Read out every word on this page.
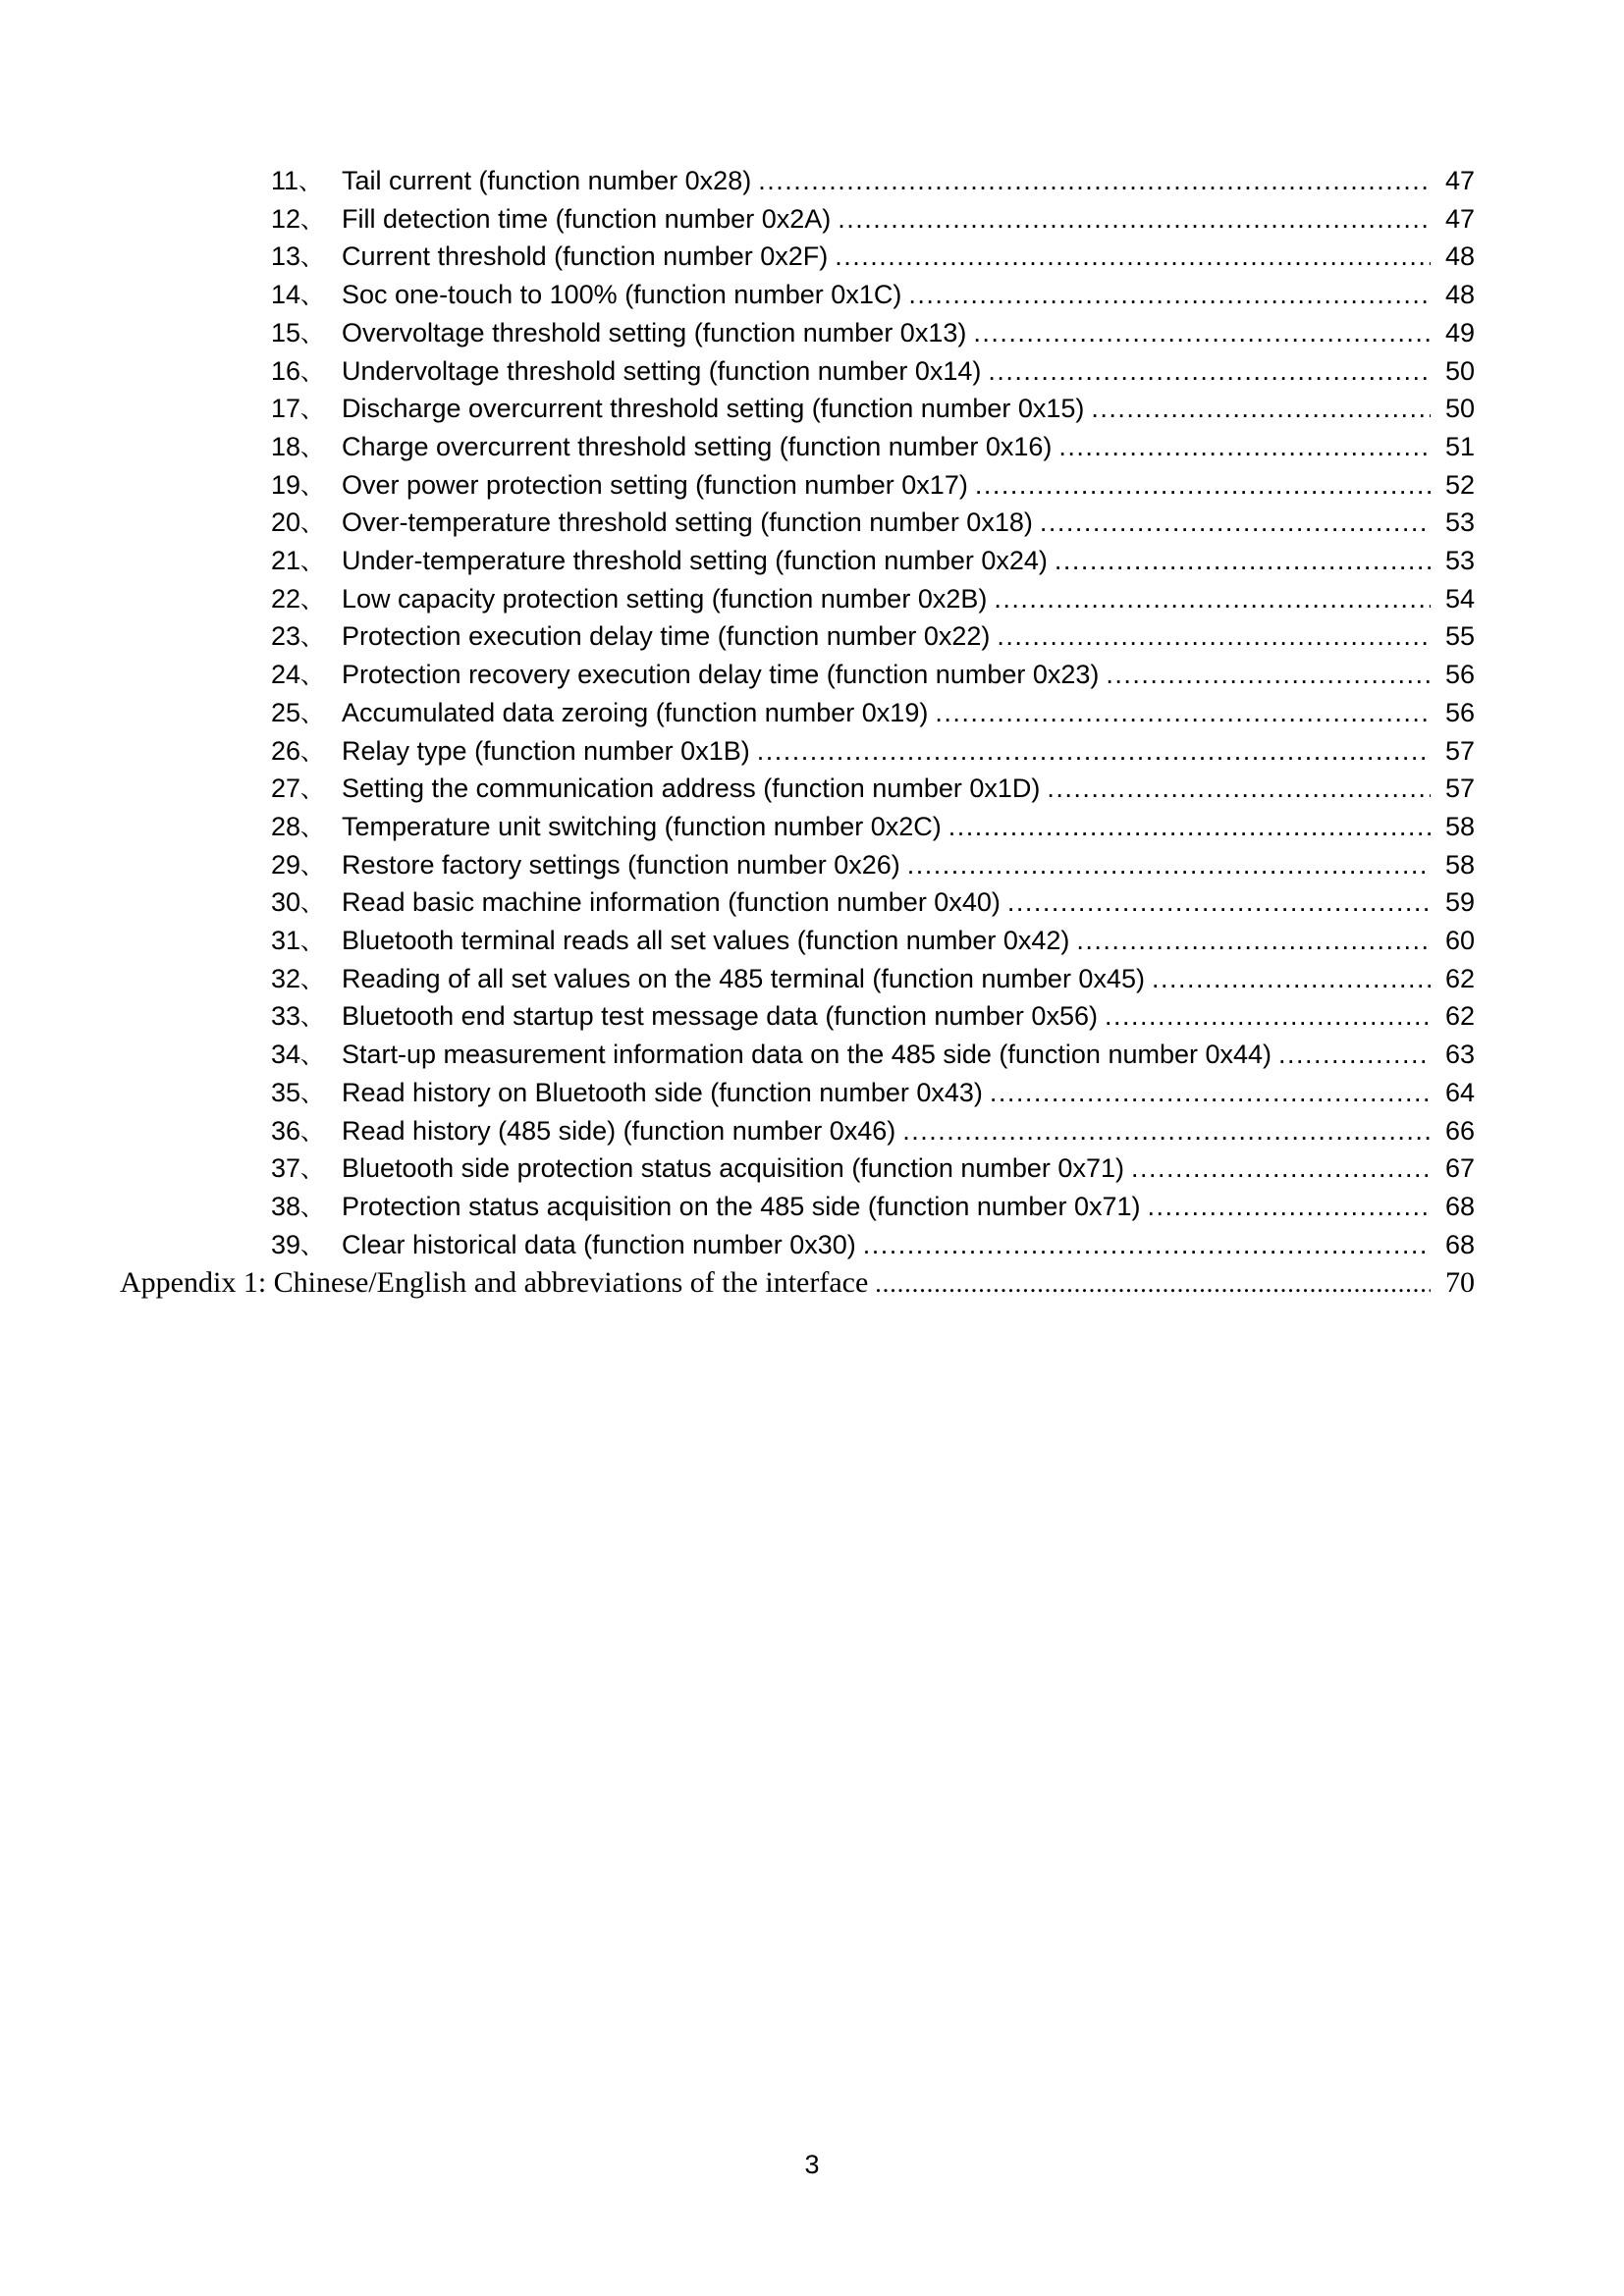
11、 Tail current (function number 0x28) .....	47
12、 Fill detection time (function number 0x2A) .....	47
13、 Current threshold (function number 0x2F) .....	48
14、 Soc one-touch to 100% (function number 0x1C) .....	48
15、 Overvoltage threshold setting (function number 0x13) .....	49
16、 Undervoltage threshold setting (function number 0x14) .....	50
17、 Discharge overcurrent threshold setting (function number 0x15) .....	50
18、 Charge overcurrent threshold setting (function number 0x16) .....	51
19、 Over power protection setting (function number 0x17) .....	52
20、 Over-temperature threshold setting (function number 0x18) .....	53
21、 Under-temperature threshold setting (function number 0x24) .....	53
22、 Low capacity protection setting (function number 0x2B) .....	54
23、 Protection execution delay time (function number 0x22) .....	55
24、 Protection recovery execution delay time (function number 0x23) .....	56
25、 Accumulated data zeroing (function number 0x19) .....	56
26、 Relay type (function number 0x1B) .....	57
27、 Setting the communication address (function number 0x1D) .....	57
28、 Temperature unit switching (function number 0x2C) .....	58
29、 Restore factory settings (function number 0x26) .....	58
30、 Read basic machine information (function number 0x40) .....	59
31、 Bluetooth terminal reads all set values (function number 0x42) .....	60
32、 Reading of all set values on the 485 terminal (function number 0x45) .....	62
33、 Bluetooth end startup test message data (function number 0x56) .....	62
34、 Start-up measurement information data on the 485 side (function number 0x44) .....	63
35、 Read history on Bluetooth side (function number 0x43) .....	64
36、 Read history (485 side) (function number 0x46) .....	66
37、 Bluetooth side protection status acquisition (function number 0x71) .....	67
38、 Protection status acquisition on the 485 side (function number 0x71) .....	68
39、 Clear historical data (function number 0x30) .....	68
Appendix 1: Chinese/English and abbreviations of the interface .....	70
3
